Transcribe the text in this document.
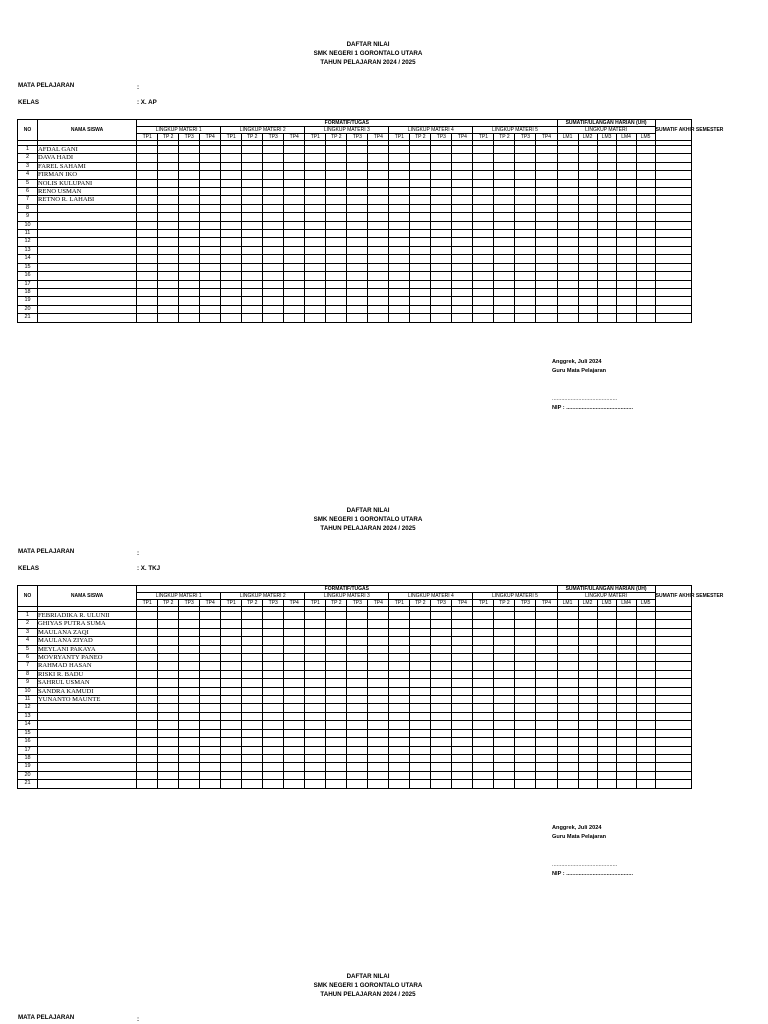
DAFTAR NILAI
SMK NEGERI 1 GORONTALO UTARA
TAHUN PELAJARAN 2024 / 2025
MATA PELAJARAN	:
KELAS	: X. AP
NO	NAMA SISWA	FORMATIF/TUGAS																				SUMATIF/ULANGAN HARIAN (UH)					SUMATIF AKHIR SEMESTER
		LINGKUP MATERI 1				LINGKUP MATERI 2				LINGKUP MATERI 3				LINGKUP MATERI 4				LINGKUP MATERI 5				LINGKUP MATERI					
		TP1	TP 2	TP3	TP4	TP1	TP 2	TP3	TP4	TP1	TP 2	TP3	TP4	TP1	TP 2	TP3	TP4	TP1	TP 2	TP3	TP4	LM1	LM2	LM3	LM4	LM5	

1	AFDAL GANI																										
2	DAVA HADI																										
3	FAREL SAHAMI																										
4	FIRMAN IKO																										
5	NOLIS KULUPANI																										
6	RENO USMAN																										
7	RETNO R. LAHABI																										
8																											
9																											
10																											
11																											
12																											
13																											
14																											
15																											
16																											
17																											
18																											
19																											
20																											
21																											
Anggrek, Juli 2024
Guru Mata Pelajaran
..........................................
NIP : ...........................................
DAFTAR NILAI
SMK NEGERI 1 GORONTALO UTARA
TAHUN PELAJARAN 2024 / 2025
MATA PELAJARAN	:
KELAS	: X. TKJ
NO	NAMA SISWA	FORMATIF/TUGAS																				SUMATIF/ULANGAN HARIAN (UH)					SUMATIF AKHIR SEMESTER
		LINGKUP MATERI 1				LINGKUP MATERI 2				LINGKUP MATERI 3				LINGKUP MATERI 4				LINGKUP MATERI 5				LINGKUP MATERI					
		TP1	TP 2	TP3	TP4	TP1	TP 2	TP3	TP4	TP1	TP 2	TP3	TP4	TP1	TP 2	TP3	TP4	TP1	TP 2	TP3	TP4	LM1	LM2	LM3	LM4	LM5	

1	FEBRIADIKA R. ULUNII																										
2	GHIYAS PUTRA SUMA																										
3	MAULANA ZAQI																										
4	MAULANA ZIYAD																										
5	MEYLANI PAKAYA																										
6	MOVRYANTY PANEO																										
7	RAHMAD HASAN																										
8	RISKI R. BADU																										
9	SAHRUL USMAN																										
10	SANDRA KAMUDI																										
11	YUNANTO MAUNTE																										
12																											
13																											
14																											
15																											
16																											
17																											
18																											
19																											
20																											
21																											
Anggrek, Juli 2024
Guru Mata Pelajaran
..........................................
NIP : ...........................................
DAFTAR NILAI
SMK NEGERI 1 GORONTALO UTARA
TAHUN PELAJARAN 2024 / 2025
MATA PELAJARAN	:
